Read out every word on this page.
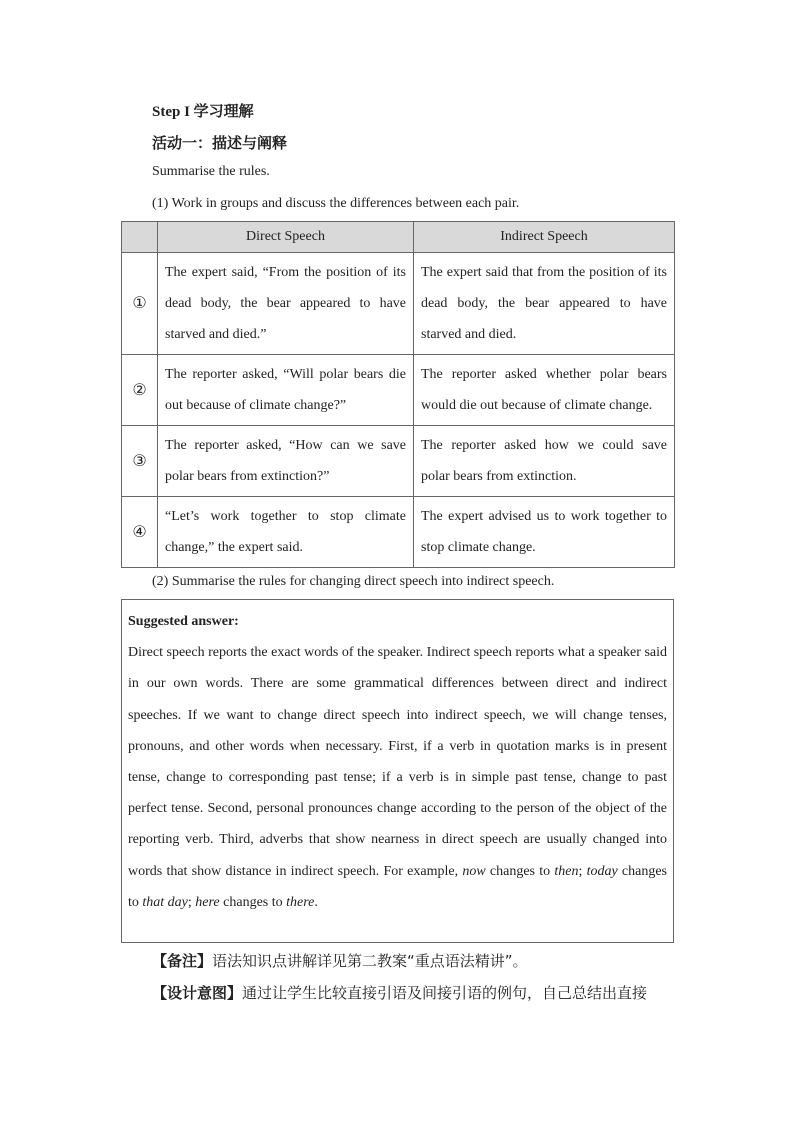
Step I 学习理解
活动一：描述与阐释
Summarise the rules.
(1) Work in groups and discuss the differences between each pair.
	Direct Speech	Indirect Speech
①	The expert said, “From the position of its dead body, the bear appeared to have starved and died.”	The expert said that from the position of its dead body, the bear appeared to have starved and died.
②	The reporter asked, “Will polar bears die out because of climate change?”	The reporter asked whether polar bears would die out because of climate change.
③	The reporter asked, “How can we save polar bears from extinction?”	The reporter asked how we could save polar bears from extinction.
④	“Let’s work together to stop climate change,” the expert said.	The expert advised us to work together to stop climate change.
(2) Summarise the rules for changing direct speech into indirect speech.
Suggested answer:
Direct speech reports the exact words of the speaker. Indirect speech reports what a speaker said in our own words. There are some grammatical differences between direct and indirect speeches. If we want to change direct speech into indirect speech, we will change tenses, pronouns, and other words when necessary. First, if a verb in quotation marks is in present tense, change to corresponding past tense; if a verb is in simple past tense, change to past perfect tense. Second, personal pronounces change according to the person of the object of the reporting verb. Third, adverbs that show nearness in direct speech are usually changed into words that show distance in indirect speech. For example, now changes to then; today changes to that day; here changes to there.
【备注】语法知识点讲解详见第二教案“重点语法精讲”。
【设计意图】通过让学生比较直接引语及间接引语的例句，自己总结出直接
